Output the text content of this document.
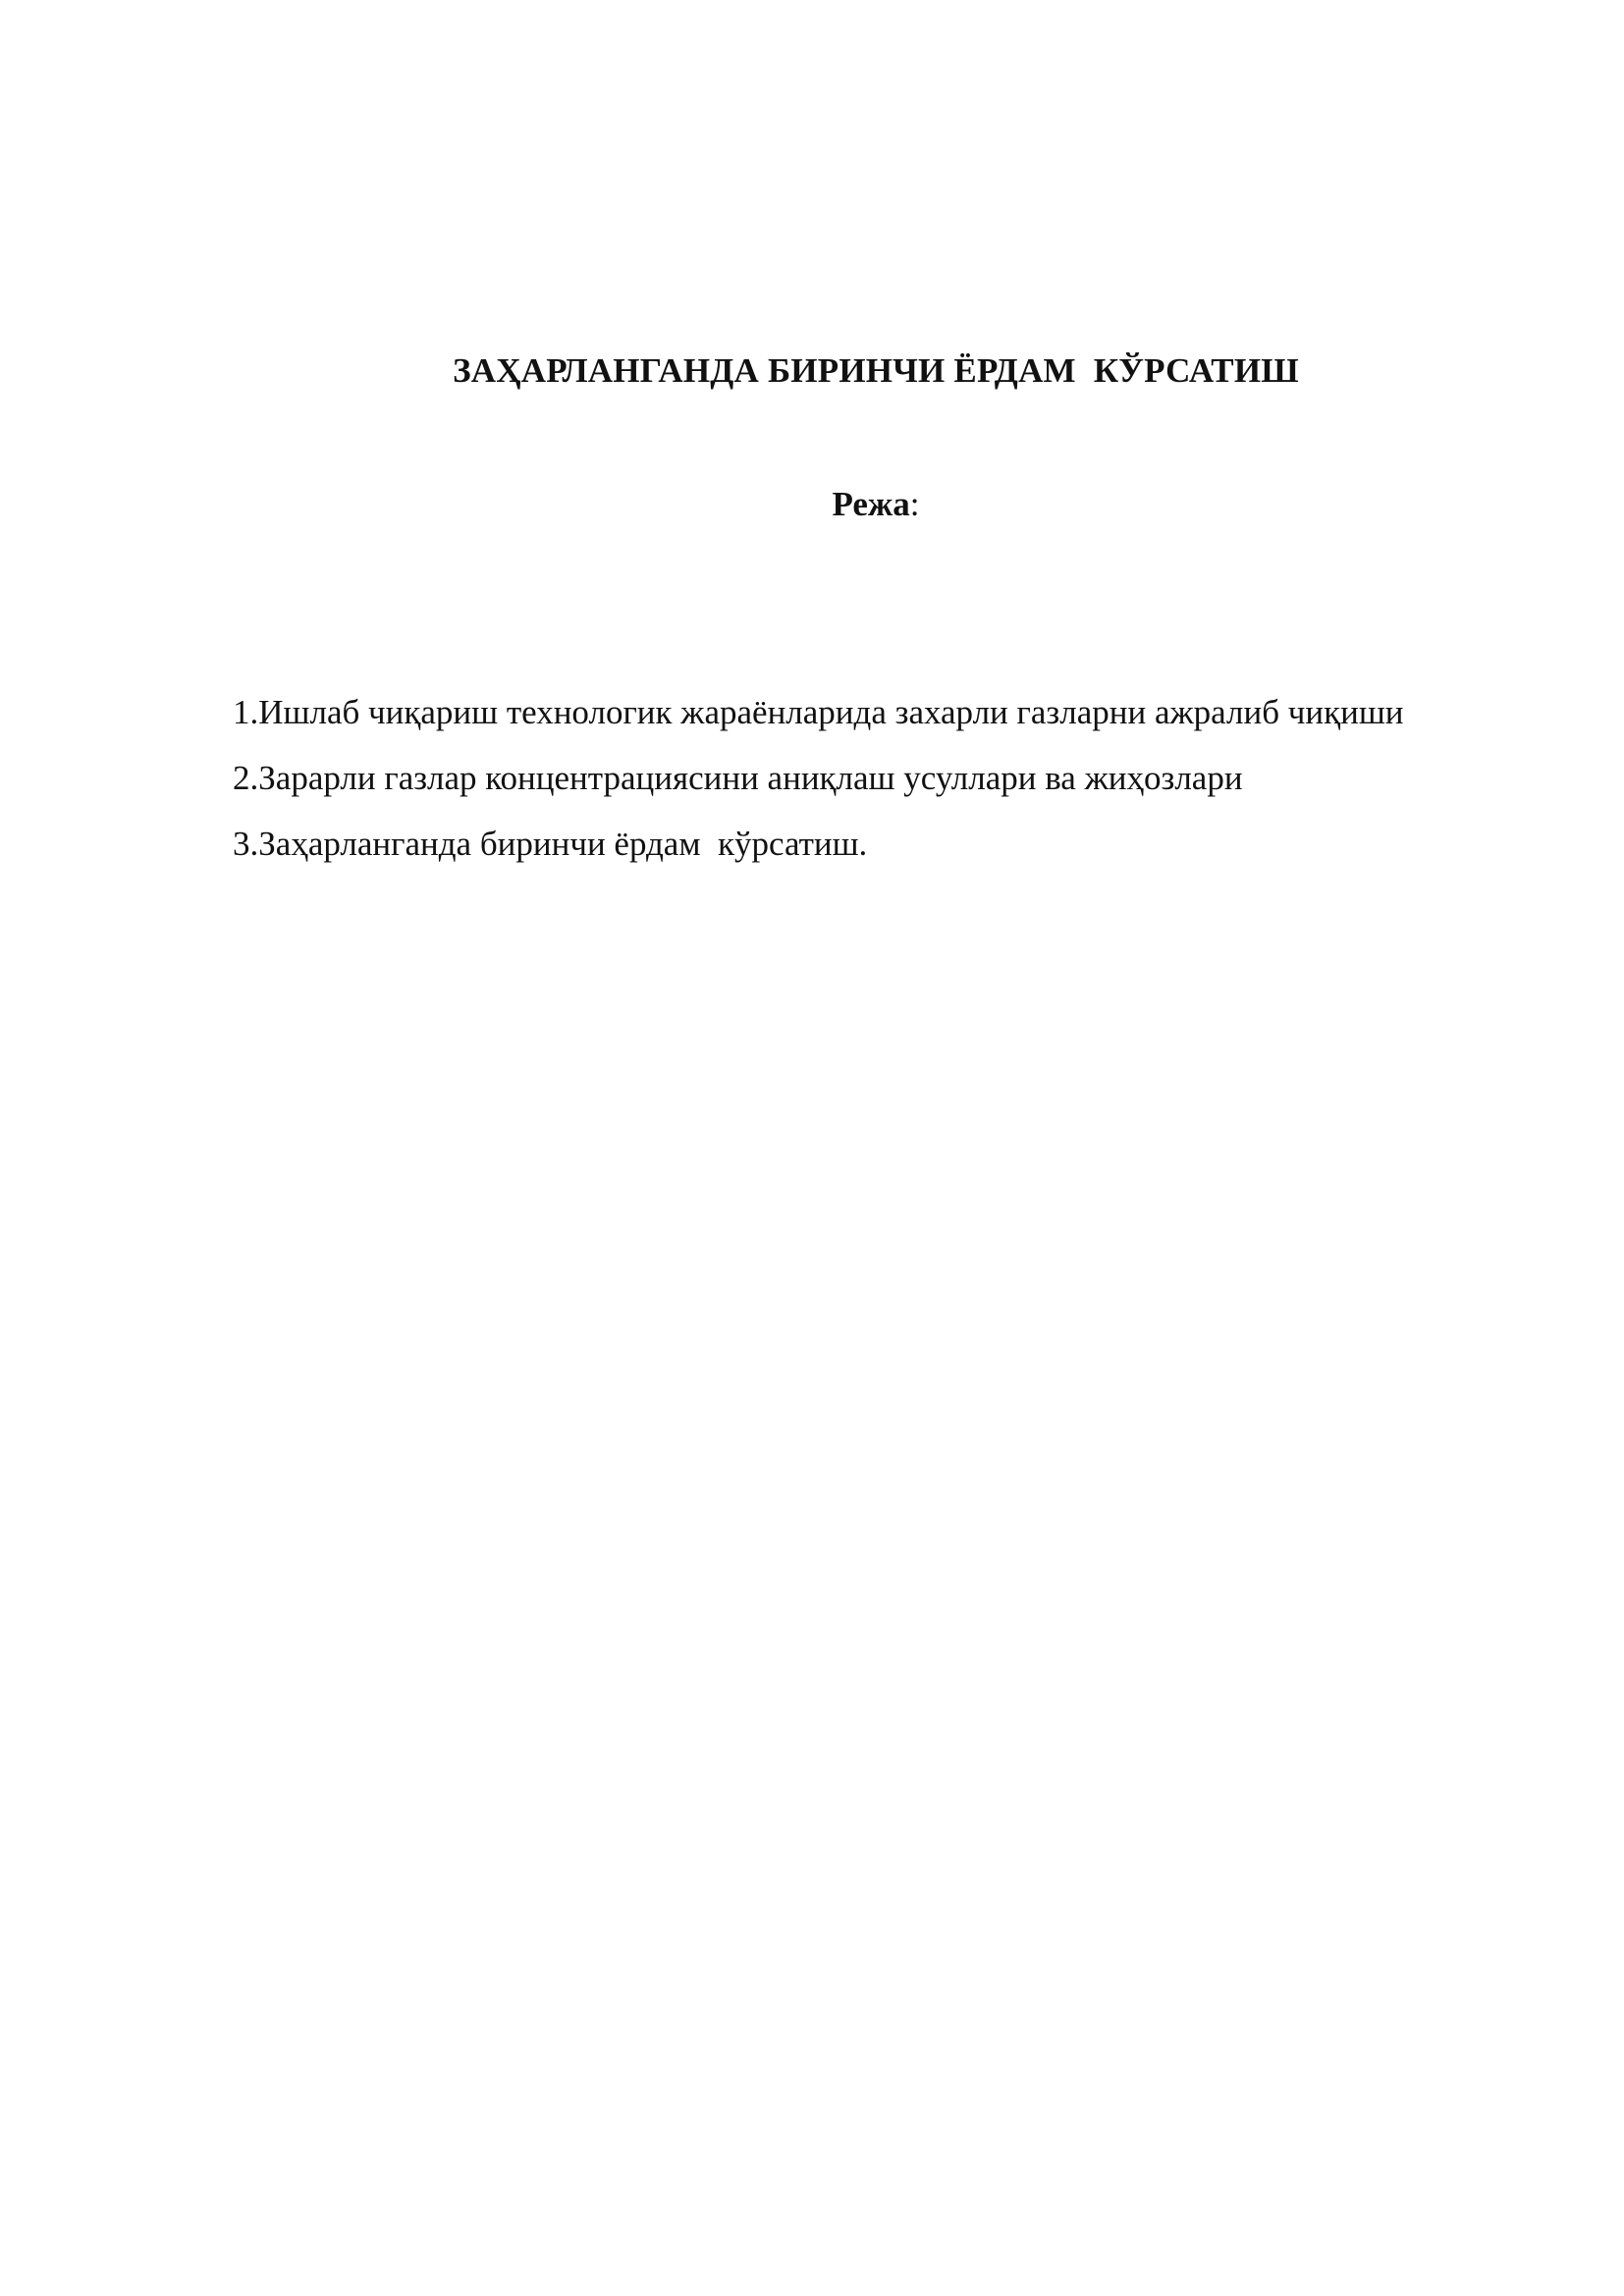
ЗАҲАРЛАНГАНДА БИРИНЧИ ЁРДАМ  КЎРСАТИШ
Режа:

1.Ишлаб чиқариш технологик жараёнларида захарли газларни ажралиб чиқиши

2.Зарарли газлар концентрациясини аниқлаш усуллари ва жиҳозлари

3.Заҳарланганда биринчи ёрдам  кўрсатиш.
